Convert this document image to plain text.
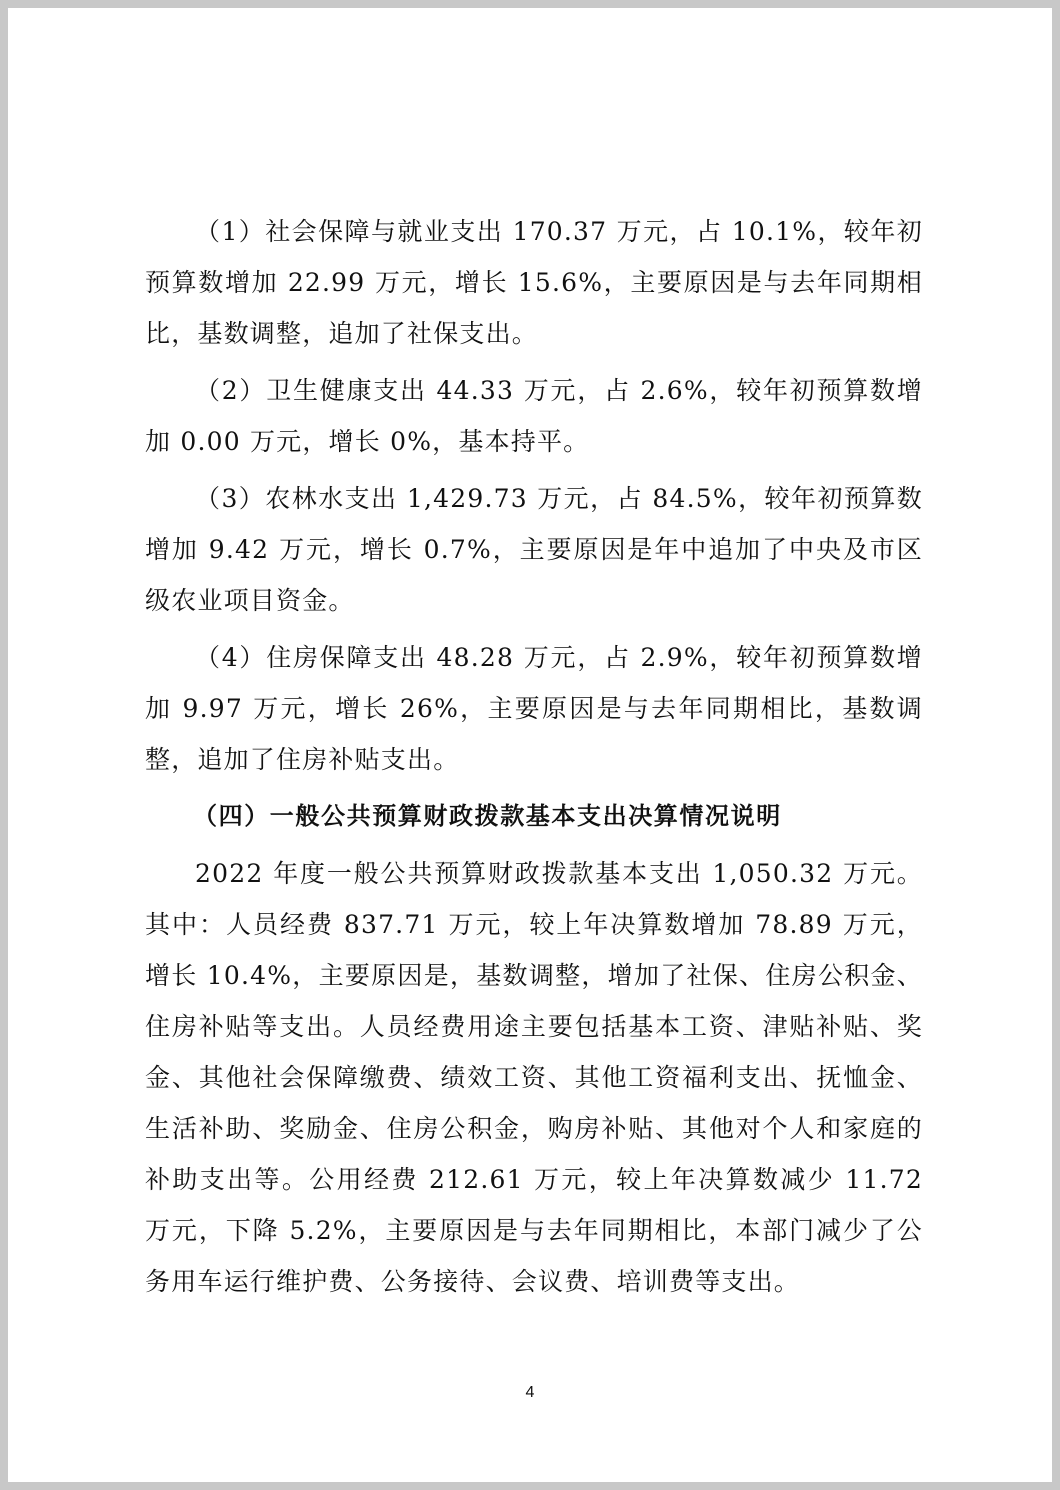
（1）社会保障与就业支出 170.37 万元，占 10.1%，较年初预算数增加 22.99 万元，增长 15.6%，主要原因是与去年同期相比，基数调整，追加了社保支出。

（2）卫生健康支出 44.33 万元，占 2.6%，较年初预算数增加 0.00 万元，增长 0%，基本持平。

（3）农林水支出 1,429.73 万元，占 84.5%，较年初预算数增加 9.42 万元，增长 0.7%，主要原因是年中追加了中央及市区级农业项目资金。

（4）住房保障支出 48.28 万元，占 2.9%，较年初预算数增加 9.97 万元，增长 26%，主要原因是与去年同期相比，基数调整，追加了住房补贴支出。

（四）一般公共预算财政拨款基本支出决算情况说明

2022 年度一般公共预算财政拨款基本支出 1,050.32 万元。其中：人员经费 837.71 万元，较上年决算数增加 78.89 万元，增长 10.4%，主要原因是，基数调整，增加了社保、住房公积金、住房补贴等支出。人员经费用途主要包括基本工资、津贴补贴、奖金、其他社会保障缴费、绩效工资、其他工资福利支出、抚恤金、生活补助、奖励金、住房公积金，购房补贴、其他对个人和家庭的补助支出等。公用经费 212.61 万元，较上年决算数减少 11.72 万元，下降 5.2%，主要原因是与去年同期相比，本部门减少了公务用车运行维护费、公务接待、会议费、培训费等支出。

4
